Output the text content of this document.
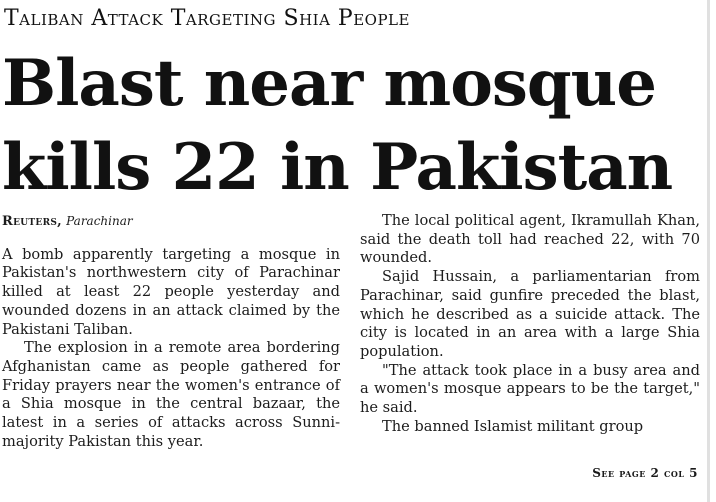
Taliban Attack Targeting Shia People
Blast near mosque
kills 22 in Pakistan
Reuters, Parachinar

A bomb apparently targeting a mosque in Pakistan's northwestern city of Parachinar killed at least 22 people yesterday and wounded dozens in an attack claimed by the Pakistani Taliban.

The explosion in a remote area bordering Afghanistan came as people gathered for Friday prayers near the women's entrance of a Shia mosque in the central bazaar, the latest in a series of attacks across Sunni-majority Pakistan this year.

The local political agent, Ikramullah Khan, said the death toll had reached 22, with 70 wounded.

Sajid Hussain, a parliamentarian from Parachinar, said gunfire preceded the blast, which he described as a suicide attack. The city is located in an area with a large Shia population.

"The attack took place in a busy area and a women's mosque appears to be the target," he said.

The banned Islamist militant group

See page 2 col 5
